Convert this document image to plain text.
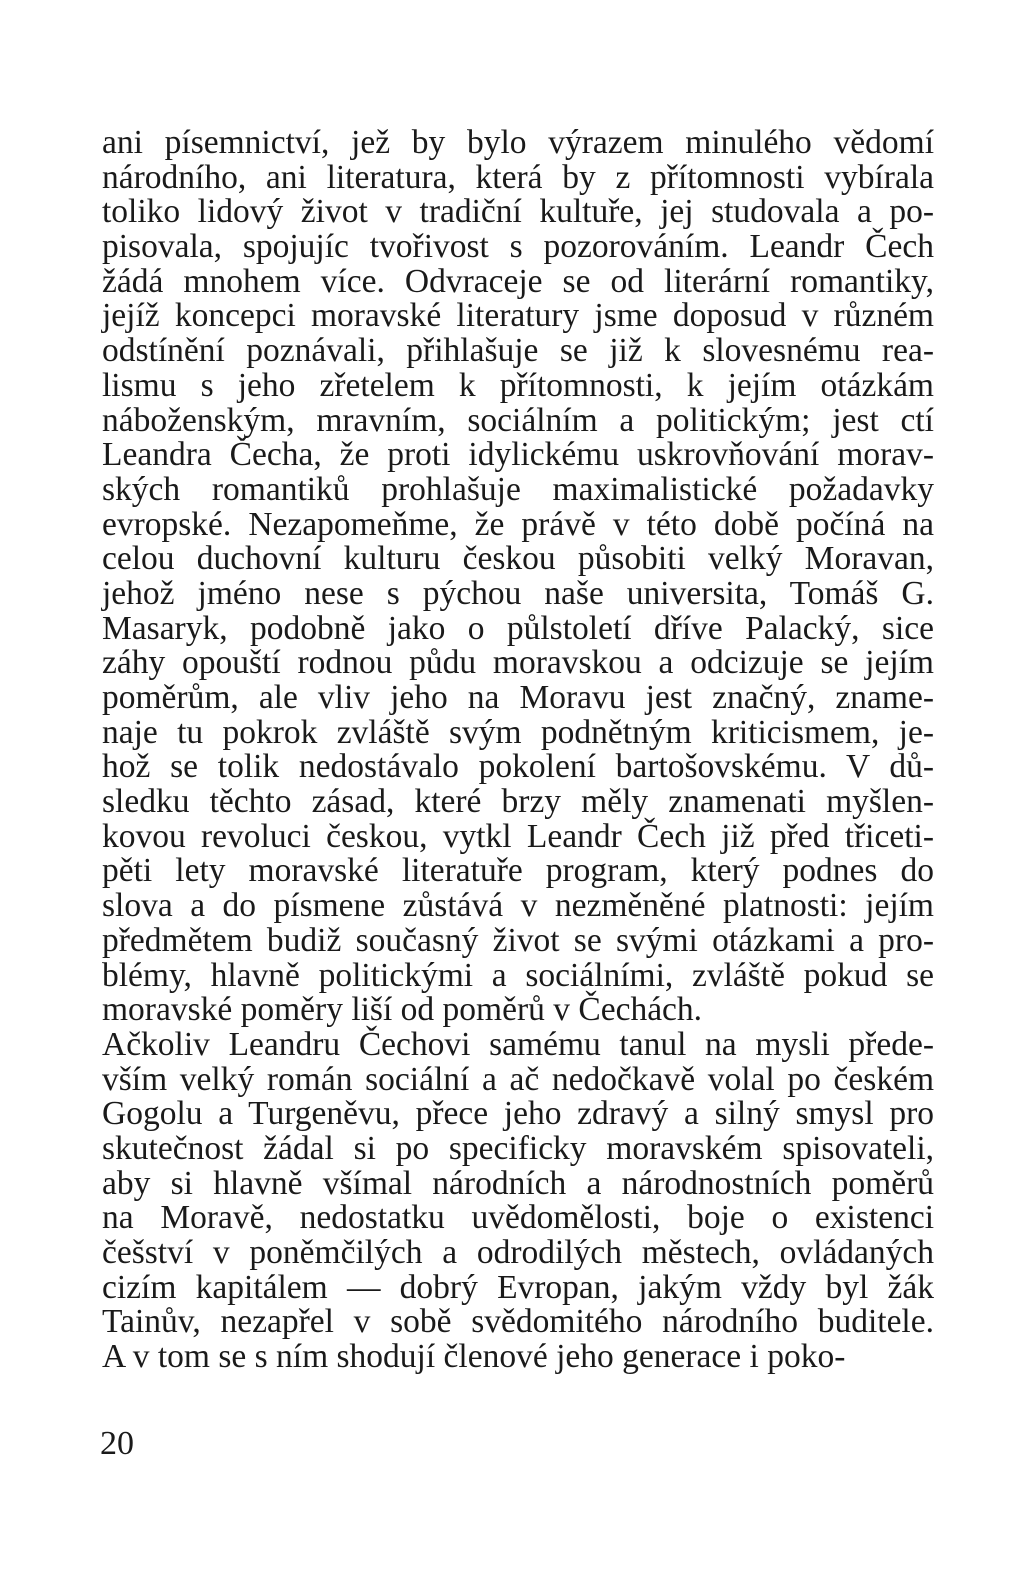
ani písemnictví, jež by bylo výrazem minulého vědomí
národního, ani literatura, která by z přítomnosti vybírala
toliko lidový život v tradiční kultuře, jej studovala a po-
pisovala, spojujíc tvořivost s pozorováním. Leandr Čech
žádá mnohem více. Odvraceje se od literární romantiky,
jejíž koncepci moravské literatury jsme doposud v různém
odstínění poznávali, přihlašuje se již k slovesnému rea-
lismu s jeho zřetelem k přítomnosti, k jejím otázkám
náboženským, mravním, sociálním a politickým; jest ctí
Leandra Čecha, že proti idylickému uskrovňování morav-
ských romantiků prohlašuje maximalistické požadavky
evropské. Nezapomeňme, že právě v této době počíná na
celou duchovní kulturu českou působiti velký Moravan,
jehož jméno nese s pýchou naše universita, Tomáš G.
Masaryk, podobně jako o půlstoletí dříve Palacký, sice
záhy opouští rodnou půdu moravskou a odcizuje se jejím
poměrům, ale vliv jeho na Moravu jest značný, zname-
naje tu pokrok zvláště svým podnětným kriticismem, je-
hož se tolik nedostávalo pokolení bartošovskému. V dů-
sledku těchto zásad, které brzy měly znamenati myšlen-
kovou revoluci českou, vytkl Leandr Čech již před třiceti-
pěti lety moravské literatuře program, který podnes do
slova a do písmene zůstává v nezměněné platnosti: jejím
předmětem budiž současný život se svými otázkami a pro-
blémy, hlavně politickými a sociálními, zvláště pokud se
moravské poměry liší od poměrů v Čechách.
Ačkoliv Leandru Čechovi samému tanul na mysli přede-
vším velký román sociální a ač nedočkavě volal po českém
Gogolu a Turgeněvu, přece jeho zdravý a silný smysl pro
skutečnost žádal si po specificky moravském spisovateli,
aby si hlavně všímal národních a národnostních poměrů
na Moravě, nedostatku uvědomělosti, boje o existenci
češství v poněmčilých a odrodilých městech, ovládaných
cizím kapitálem — dobrý Evropan, jakým vždy byl žák
Tainův, nezapřel v sobě svědomitého národního buditele.
A v tom se s ním shodují členové jeho generace i poko-
20
